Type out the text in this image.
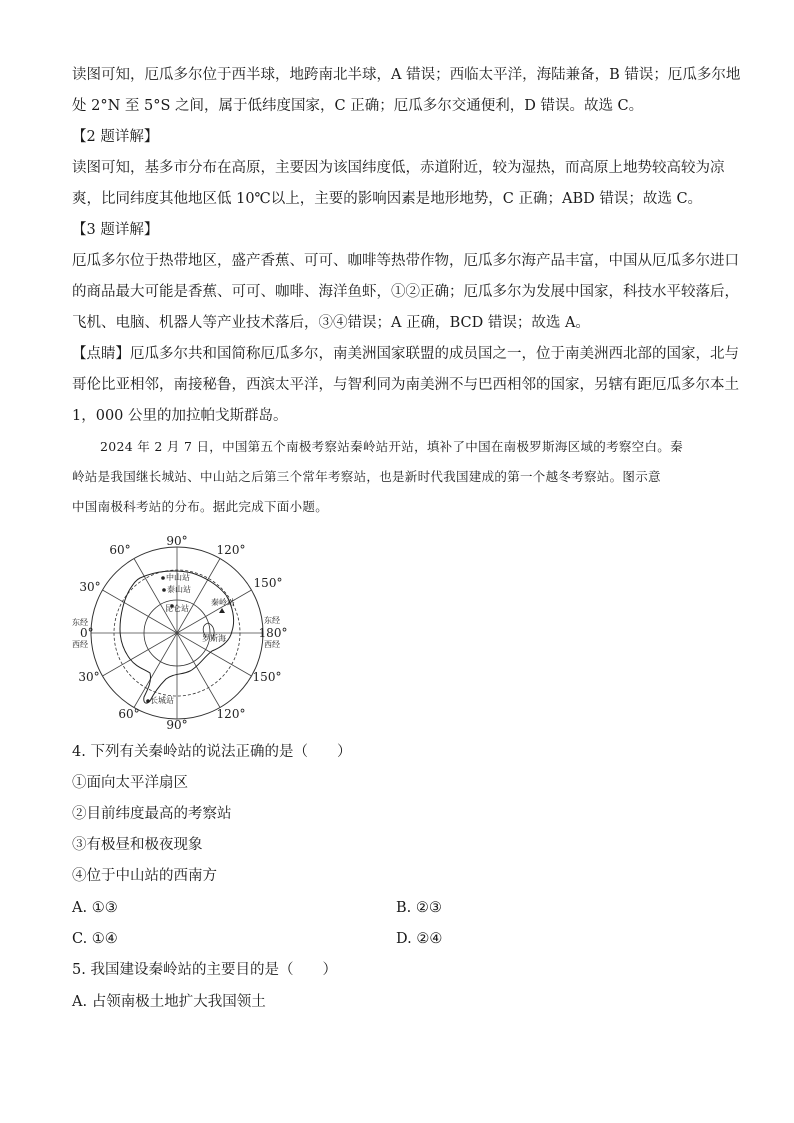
读图可知，厄瓜多尔位于西半球，地跨南北半球，A 错误；西临太平洋，海陆兼备，B 错误；厄瓜多尔地

处 2°N 至 5°S 之间，属于低纬度国家，C 正确；厄瓜多尔交通便利，D 错误。故选 C。

【2 题详解】

读图可知，基多市分布在高原，主要因为该国纬度低，赤道附近，较为湿热，而高原上地势较高较为凉

爽，比同纬度其他地区低 10℃以上，主要的影响因素是地形地势，C 正确；ABD 错误；故选 C。

【3 题详解】

厄瓜多尔位于热带地区，盛产香蕉、可可、咖啡等热带作物，厄瓜多尔海产品丰富，中国从厄瓜多尔进口

的商品最大可能是香蕉、可可、咖啡、海洋鱼虾，①②正确；厄瓜多尔为发展中国家，科技水平较落后，

飞机、电脑、机器人等产业技术落后，③④错误；A 正确，BCD 错误；故选 A。

【点睛】厄瓜多尔共和国简称厄瓜多尔，南美洲国家联盟的成员国之一，位于南美洲西北部的国家，北与

哥伦比亚相邻，南接秘鲁，西滨太平洋，与智利同为南美洲不与巴西相邻的国家，另辖有距厄瓜多尔本土

1，000 公里的加拉帕戈斯群岛。

2024 年 2 月 7 日，中国第五个南极考察站秦岭站开站，填补了中国在南极罗斯海区域的考察空白。秦

岭站是我国继长城站、中山站之后第三个常年考察站，也是新时代我国建成的第一个越冬考察站。图示意

中国南极科考站的分布。据此完成下面小题。

90°
90°
60°	120°
30°	150°
30°	150°
60°	120°
180°
0°
东经
西经
东经
西经
中山站
泰山站
昆仑站
秦岭站
罗斯海
长城站
4. 下列有关秦岭站的说法正确的是（　　）
①面向太平洋扇区
②目前纬度最高的考察站
③有极昼和极夜现象
④位于中山站的西南方
A. ①③	B. ②③
C. ①④	D. ②④
5. 我国建设秦岭站的主要目的是（　　）
A. 占领南极土地扩大我国领土
